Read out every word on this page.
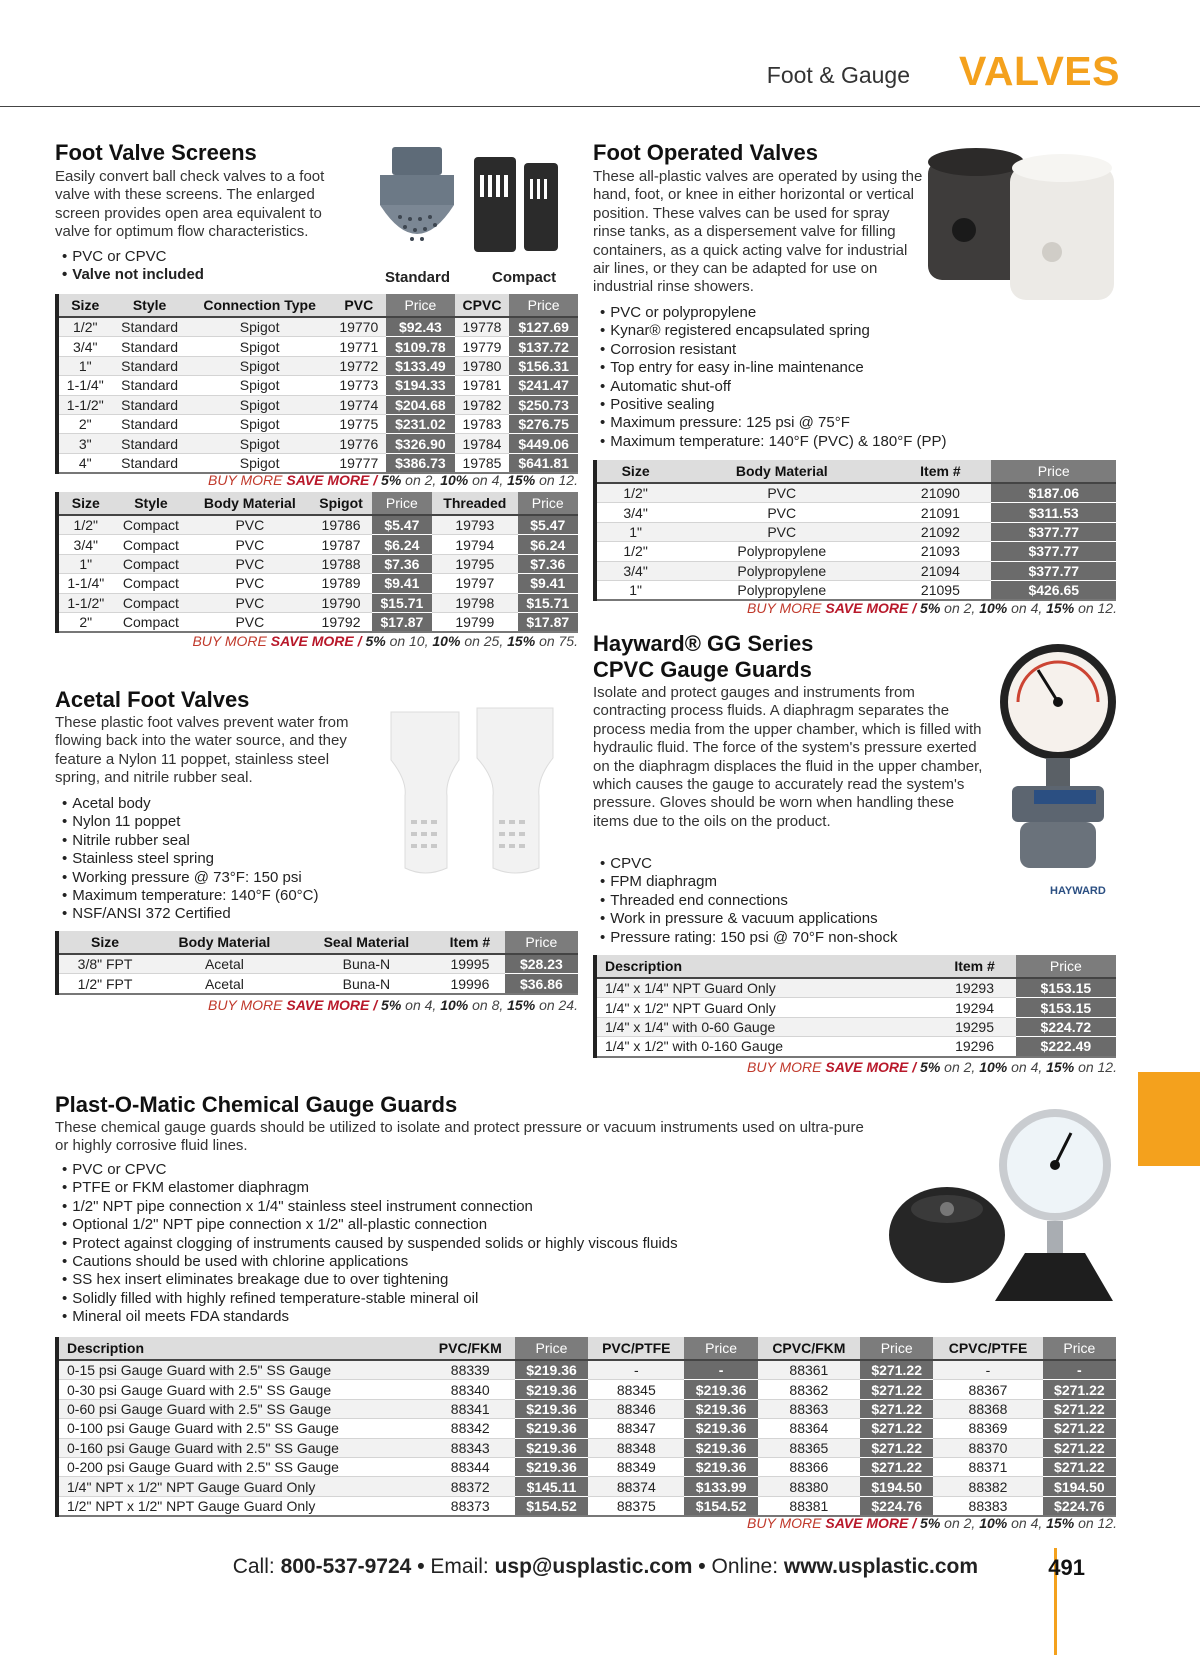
Foot & Gauge VALVES
Foot Valve Screens
Easily convert ball check valves to a foot valve with these screens. The enlarged screen provides open area equivalent to valve for optimum flow characteristics.
• PVC or CPVC
• Valve not included	Standard	Compact
Size	Style	Connection Type	PVC	Price	CPVC	Price
1/2"	Standard	Spigot	19770	$92.43	19778	$127.69
3/4"	Standard	Spigot	19771	$109.78	19779	$137.72
1"	Standard	Spigot	19772	$133.49	19780	$156.31
1-1/4"	Standard	Spigot	19773	$194.33	19781	$241.47
1-1/2"	Standard	Spigot	19774	$204.68	19782	$250.73
2"	Standard	Spigot	19775	$231.02	19783	$276.75
3"	Standard	Spigot	19776	$326.90	19784	$449.06
4"	Standard	Spigot	19777	$386.73	19785	$641.81
BUY MORE SAVE MORE / 5% on 2, 10% on 4, 15% on 12.
Size	Style	Body Material	Spigot	Price	Threaded	Price
1/2"	Compact	PVC	19786	$5.47	19793	$5.47
3/4"	Compact	PVC	19787	$6.24	19794	$6.24
1"	Compact	PVC	19788	$7.36	19795	$7.36
1-1/4"	Compact	PVC	19789	$9.41	19797	$9.41
1-1/2"	Compact	PVC	19790	$15.71	19798	$15.71
2"	Compact	PVC	19792	$17.87	19799	$17.87
BUY MORE SAVE MORE / 5% on 10, 10% on 25, 15% on 75.
Foot Operated Valves
These all-plastic valves are operated by using the hand, foot, or knee in either horizontal or vertical position. These valves can be used for spray rinse tanks, as a dispersement valve for filling containers, as a quick acting valve for industrial air lines, or they can be adapted for use on industrial rinse showers.
• PVC or polypropylene
• Kynar® registered encapsulated spring
• Corrosion resistant
• Top entry for easy in-line maintenance
• Automatic shut-off
• Positive sealing
• Maximum pressure: 125 psi @ 75°F
• Maximum temperature: 140°F (PVC) & 180°F (PP)
Size	Body Material	Item #	Price
1/2"	PVC	21090	$187.06
3/4"	PVC	21091	$311.53
1"	PVC	21092	$377.77
1/2"	Polypropylene	21093	$377.77
3/4"	Polypropylene	21094	$377.77
1"	Polypropylene	21095	$426.65
BUY MORE SAVE MORE / 5% on 2, 10% on 4, 15% on 12.
Acetal Foot Valves
These plastic foot valves prevent water from flowing back into the water source, and they feature a Nylon 11 poppet, stainless steel spring, and nitrile rubber seal.
• Acetal body
• Nylon 11 poppet
• Nitrile rubber seal
• Stainless steel spring
• Working pressure @ 73°F: 150 psi
• Maximum temperature: 140°F (60°C)
• NSF/ANSI 372 Certified
Size	Body Material	Seal Material	Item #	Price
3/8" FPT	Acetal	Buna-N	19995	$28.23
1/2" FPT	Acetal	Buna-N	19996	$36.86
BUY MORE SAVE MORE / 5% on 4, 10% on 8, 15% on 24.
Hayward® GG Series
CPVC Gauge Guards
Isolate and protect gauges and instruments from contracting process fluids. A diaphragm separates the process media from the upper chamber, which is filled with hydraulic fluid. The force of the system's pressure exerted on the diaphragm displaces the fluid in the upper chamber, which causes the gauge to accurately read the system's pressure. Gloves should be worn when handling these items due to the oils on the product.
HAYWARD
• CPVC
• FPM diaphragm
• Threaded end connections
• Work in pressure & vacuum applications
• Pressure rating: 150 psi @ 70°F non-shock
Description	Item #	Price
1/4" x 1/4" NPT Guard Only	19293	$153.15
1/4" x 1/2" NPT Guard Only	19294	$153.15
1/4" x 1/4" with 0-60 Gauge	19295	$224.72
1/4" x 1/2" with 0-160 Gauge	19296	$222.49
BUY MORE SAVE MORE / 5% on 2, 10% on 4, 15% on 12.
Plast-O-Matic Chemical Gauge Guards
These chemical gauge guards should be utilized to isolate and protect pressure or vacuum instruments used on ultra-pure or highly corrosive fluid lines.
• PVC or CPVC
• PTFE or FKM elastomer diaphragm
• 1/2" NPT pipe connection x 1/4" stainless steel instrument connection
• Optional 1/2" NPT pipe connection x 1/2" all-plastic connection
• Protect against clogging of instruments caused by suspended solids or highly viscous fluids
• Cautions should be used with chlorine applications
• SS hex insert eliminates breakage due to over tightening
• Solidly filled with highly refined temperature-stable mineral oil
• Mineral oil meets FDA standards
Description	PVC/FKM	Price	PVC/PTFE	Price	CPVC/FKM	Price	CPVC/PTFE	Price
0-15 psi Gauge Guard with 2.5" SS Gauge	88339	$219.36	-	-	88361	$271.22	-	-
0-30 psi Gauge Guard with 2.5" SS Gauge	88340	$219.36	88345	$219.36	88362	$271.22	88367	$271.22
0-60 psi Gauge Guard with 2.5" SS Gauge	88341	$219.36	88346	$219.36	88363	$271.22	88368	$271.22
0-100 psi Gauge Guard with 2.5" SS Gauge	88342	$219.36	88347	$219.36	88364	$271.22	88369	$271.22
0-160 psi Gauge Guard with 2.5" SS Gauge	88343	$219.36	88348	$219.36	88365	$271.22	88370	$271.22
0-200 psi Gauge Guard with 2.5" SS Gauge	88344	$219.36	88349	$219.36	88366	$271.22	88371	$271.22
1/4" NPT x 1/2" NPT Gauge Guard Only	88372	$145.11	88374	$133.99	88380	$194.50	88382	$194.50
1/2" NPT x 1/2" NPT Gauge Guard Only	88373	$154.52	88375	$154.52	88381	$224.76	88383	$224.76
BUY MORE SAVE MORE / 5% on 2, 10% on 4, 15% on 12.
Call: 800-537-9724 • Email: usp@usplastic.com • Online: www.usplastic.com	491
